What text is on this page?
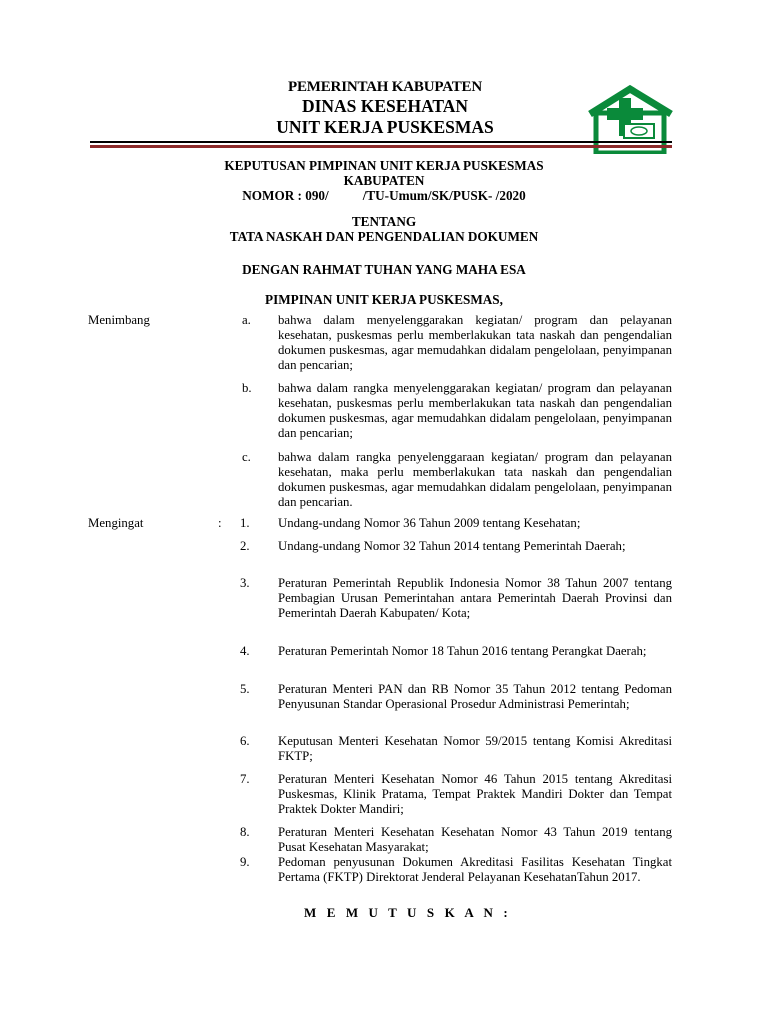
PEMERINTAH KABUPATEN
DINAS KESEHATAN
UNIT KERJA PUSKESMAS
KEPUTUSAN PIMPINAN UNIT KERJA PUSKESMAS
KABUPATEN
NOMOR : 090/	/TU-Umum/SK/PUSK- /2020
TENTANG
TATA NASKAH DAN PENGENDALIAN DOKUMEN
DENGAN RAHMAT TUHAN YANG MAHA ESA
PIMPINAN UNIT KERJA PUSKESMAS,
Menimbang	a. bahwa dalam menyelenggarakan kegiatan/ program dan pelayanan kesehatan, puskesmas perlu memberlakukan tata naskah dan pengendalian dokumen puskesmas, agar memudahkan didalam pengelolaan, penyimpanan dan pencarian;
b. bahwa dalam rangka menyelenggarakan kegiatan/ program dan pelayanan kesehatan, puskesmas perlu memberlakukan tata naskah dan pengendalian dokumen puskesmas, agar memudahkan didalam pengelolaan, penyimpanan dan pencarian;
c. bahwa dalam rangka penyelenggaraan kegiatan/ program dan pelayanan kesehatan, maka perlu memberlakukan tata naskah dan pengendalian dokumen puskesmas, agar memudahkan didalam pengelolaan, penyimpanan dan pencarian.
Mengingat	: 1. Undang-undang Nomor 36 Tahun 2009 tentang Kesehatan;
2. Undang-undang Nomor 32 Tahun 2014 tentang Pemerintah Daerah;
3. Peraturan Pemerintah Republik Indonesia Nomor 38 Tahun 2007 tentang Pembagian Urusan Pemerintahan antara Pemerintah Daerah Provinsi dan Pemerintah Daerah Kabupaten/ Kota;
4. Peraturan Pemerintah Nomor 18 Tahun 2016 tentang Perangkat Daerah;
5. Peraturan Menteri PAN dan RB Nomor 35 Tahun 2012 tentang Pedoman Penyusunan Standar Operasional Prosedur Administrasi Pemerintah;
6. Keputusan Menteri Kesehatan Nomor 59/2015 tentang Komisi Akreditasi FKTP;
7. Peraturan Menteri Kesehatan Nomor 46 Tahun 2015 tentang Akreditasi Puskesmas, Klinik Pratama, Tempat Praktek Mandiri Dokter dan Tempat Praktek Dokter Mandiri;
8. Peraturan Menteri Kesehatan Kesehatan Nomor 43 Tahun 2019 tentang Pusat Kesehatan Masyarakat;
9. Pedoman penyusunan Dokumen Akreditasi Fasilitas Kesehatan Tingkat Pertama (FKTP) Direktorat Jenderal Pelayanan KesehatanTahun 2017.
M E M U T U S K A N :
